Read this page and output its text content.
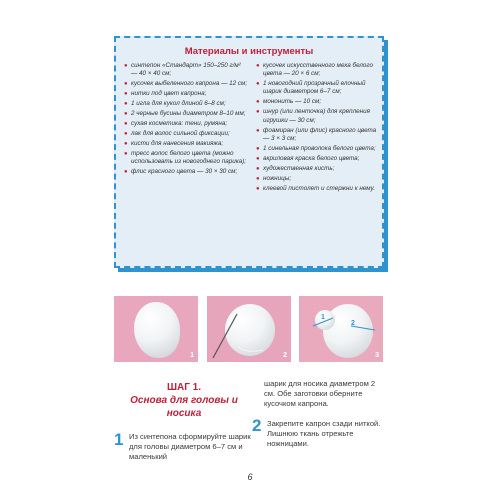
Материалы и инструменты
● синтепон «Стандарт» 150–250 г/м² — 40 × 40 см;
● кусочек выбеленного капрона — 12 см;
● нитки под цвет капрона;
● 1 игла для кукол длиной 6–8 см;
● 2 черные бусины диаметром 8–10 мм;
● сухая косметика: тени, румяна;
● лак для волос сильной фиксации;
● кисти для нанесения макияжа;
● тресс волос белого цвета (можно использовать из новогоднего парика);
● флис красного цвета — 30 × 30 см;
● кусочек искусственного меха белого цвета — 20 × 6 см;
● 1 новогодний прозрачный елочный шарик диаметром 6–7 см;
● мононить — 10 см;
● шнур (или ленточка) для крепления игрушки — 30 см;
● фоамиран (или флис) красного цвета — 3 × 3 см;
● 1 синельная проволока белого цвета;
● акриловая краска белого цвета;
● художественная кисть;
● ножницы;
● клеевой пистолет и стержни к нему.
1	2
1
2
3
ШАГ 1.
Основа для головы и носика
1 Из синтепона сформируйте шарик для головы диаметром 6–7 см и маленький
шарик для носика диаметром 2 см. Обе заготовки оберните кусочком капрона.
2 Закрепите капрон сзади ниткой. Лишнюю ткань отрежьте ножницами.
6
